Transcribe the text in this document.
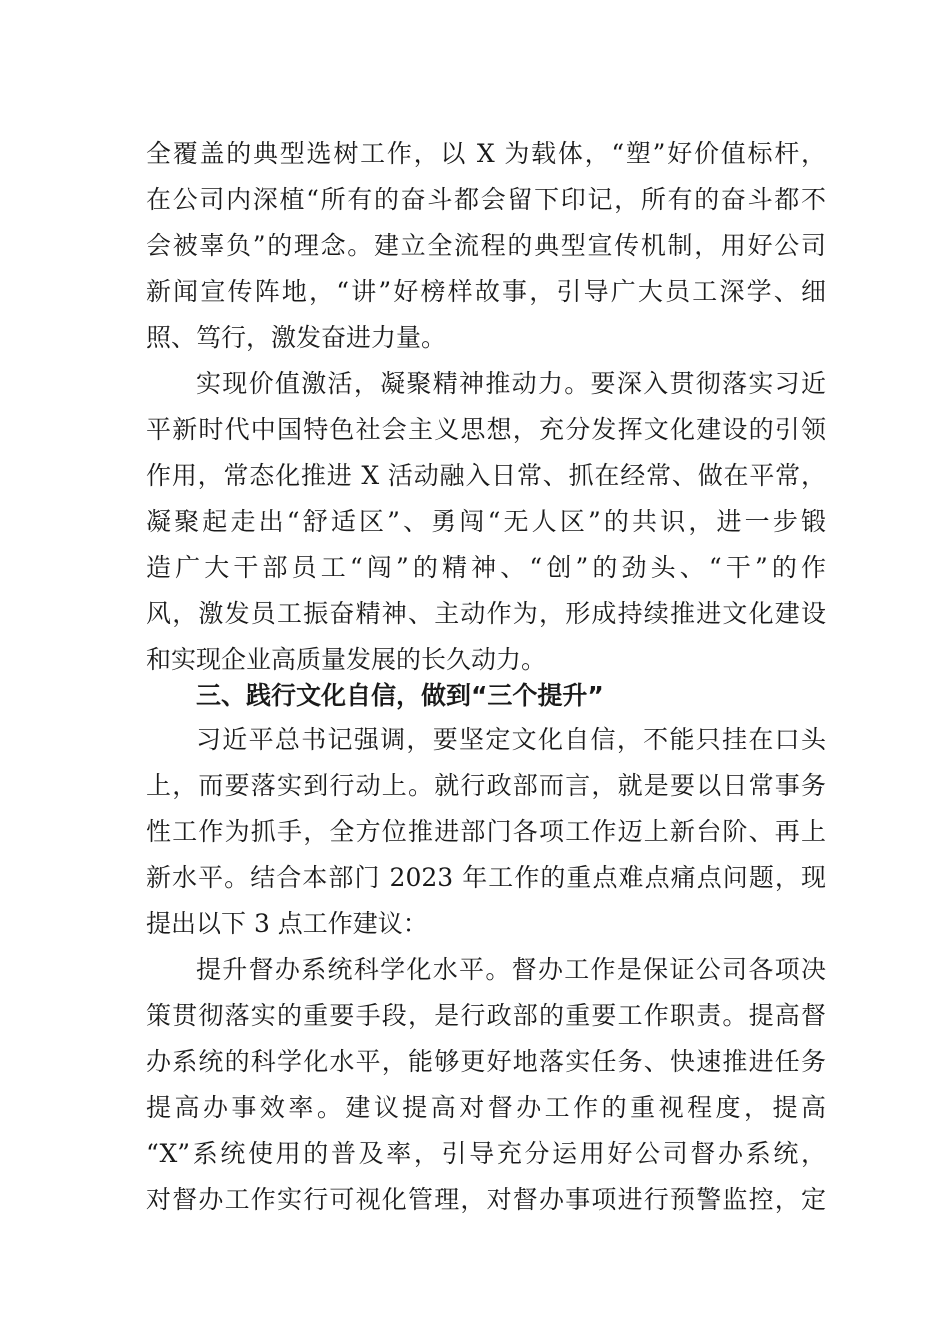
全覆盖的典型选树工作，以 X 为载体，“塑”好价值标杆，
在公司内深植“所有的奋斗都会留下印记，所有的奋斗都不
会被辜负”的理念。建立全流程的典型宣传机制，用好公司
新闻宣传阵地，“讲”好榜样故事，引导广大员工深学、细
照、笃行，激发奋进力量。
实现价值激活，凝聚精神推动力。要深入贯彻落实习近
平新时代中国特色社会主义思想，充分发挥文化建设的引领
作用，常态化推进 X 活动融入日常、抓在经常、做在平常，
凝聚起走出“舒适区”、勇闯“无人区”的共识，进一步锻
造广大干部员工“闯”的精神、“创”的劲头、“干”的作
风，激发员工振奋精神、主动作为，形成持续推进文化建设
和实现企业高质量发展的长久动力。
三、践行文化自信，做到“三个提升”
习近平总书记强调，要坚定文化自信，不能只挂在口头
上，而要落实到行动上。就行政部而言，就是要以日常事务
性工作为抓手，全方位推进部门各项工作迈上新台阶、再上
新水平。结合本部门 2023 年工作的重点难点痛点问题，现
提出以下 3 点工作建议：
提升督办系统科学化水平。督办工作是保证公司各项决
策贯彻落实的重要手段，是行政部的重要工作职责。提高督
办系统的科学化水平，能够更好地落实任务、快速推进任务
提高办事效率。建议提高对督办工作的重视程度，提高
“X”系统使用的普及率，引导充分运用好公司督办系统，
对督办工作实行可视化管理，对督办事项进行预警监控，定
